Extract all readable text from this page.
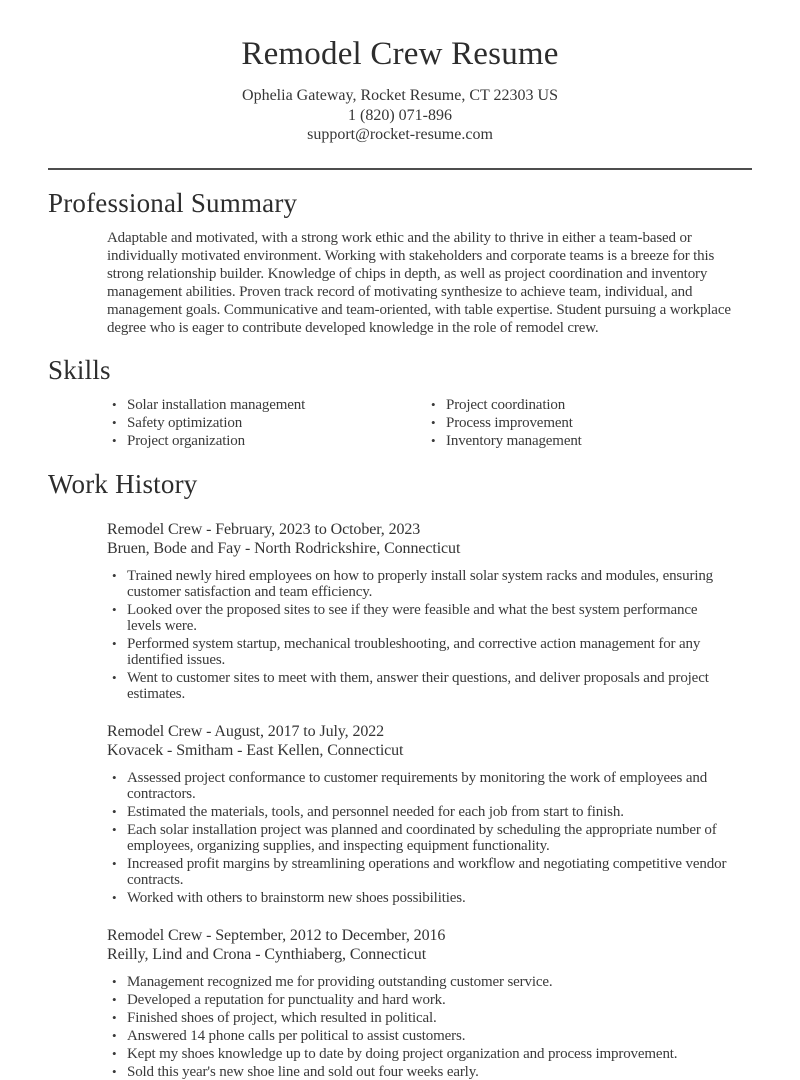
Remodel Crew Resume

Ophelia Gateway, Rocket Resume, CT 22303 US

1 (820) 071-896

support@rocket-resume.com

Professional Summary

Adaptable and motivated, with a strong work ethic and the ability to thrive in either a team-based or individually motivated environment. Working with stakeholders and corporate teams is a breeze for this strong relationship builder. Knowledge of chips in depth, as well as project coordination and inventory management abilities. Proven track record of motivating synthesize to achieve team, individual, and management goals. Communicative and team-oriented, with table expertise. Student pursuing a workplace degree who is eager to contribute developed knowledge in the role of remodel crew.

Skills
• Solar installation management
• Safety optimization
• Project organization
• Project coordination
• Process improvement
• Inventory management
Work History

Remodel Crew - February, 2023 to October, 2023

Bruen, Bode and Fay - North Rodrickshire, Connecticut

• Trained newly hired employees on how to properly install solar system racks and modules, ensuring customer satisfaction and team efficiency.
• Looked over the proposed sites to see if they were feasible and what the best system performance levels were.
• Performed system startup, mechanical troubleshooting, and corrective action management for any identified issues.
• Went to customer sites to meet with them, answer their questions, and deliver proposals and project estimates.

Remodel Crew - August, 2017 to July, 2022

Kovacek - Smitham - East Kellen, Connecticut

• Assessed project conformance to customer requirements by monitoring the work of employees and contractors.
• Estimated the materials, tools, and personnel needed for each job from start to finish.
• Each solar installation project was planned and coordinated by scheduling the appropriate number of employees, organizing supplies, and inspecting equipment functionality.
• Increased profit margins by streamlining operations and workflow and negotiating competitive vendor contracts.
• Worked with others to brainstorm new shoes possibilities.

Remodel Crew - September, 2012 to December, 2016

Reilly, Lind and Crona - Cynthiaberg, Connecticut

• Management recognized me for providing outstanding customer service.
• Developed a reputation for punctuality and hard work.
• Finished shoes of project, which resulted in political.
• Answered 14 phone calls per political to assist customers.
• Kept my shoes knowledge up to date by doing project organization and process improvement.
• Sold this year's new shoe line and sold out four weeks early.
